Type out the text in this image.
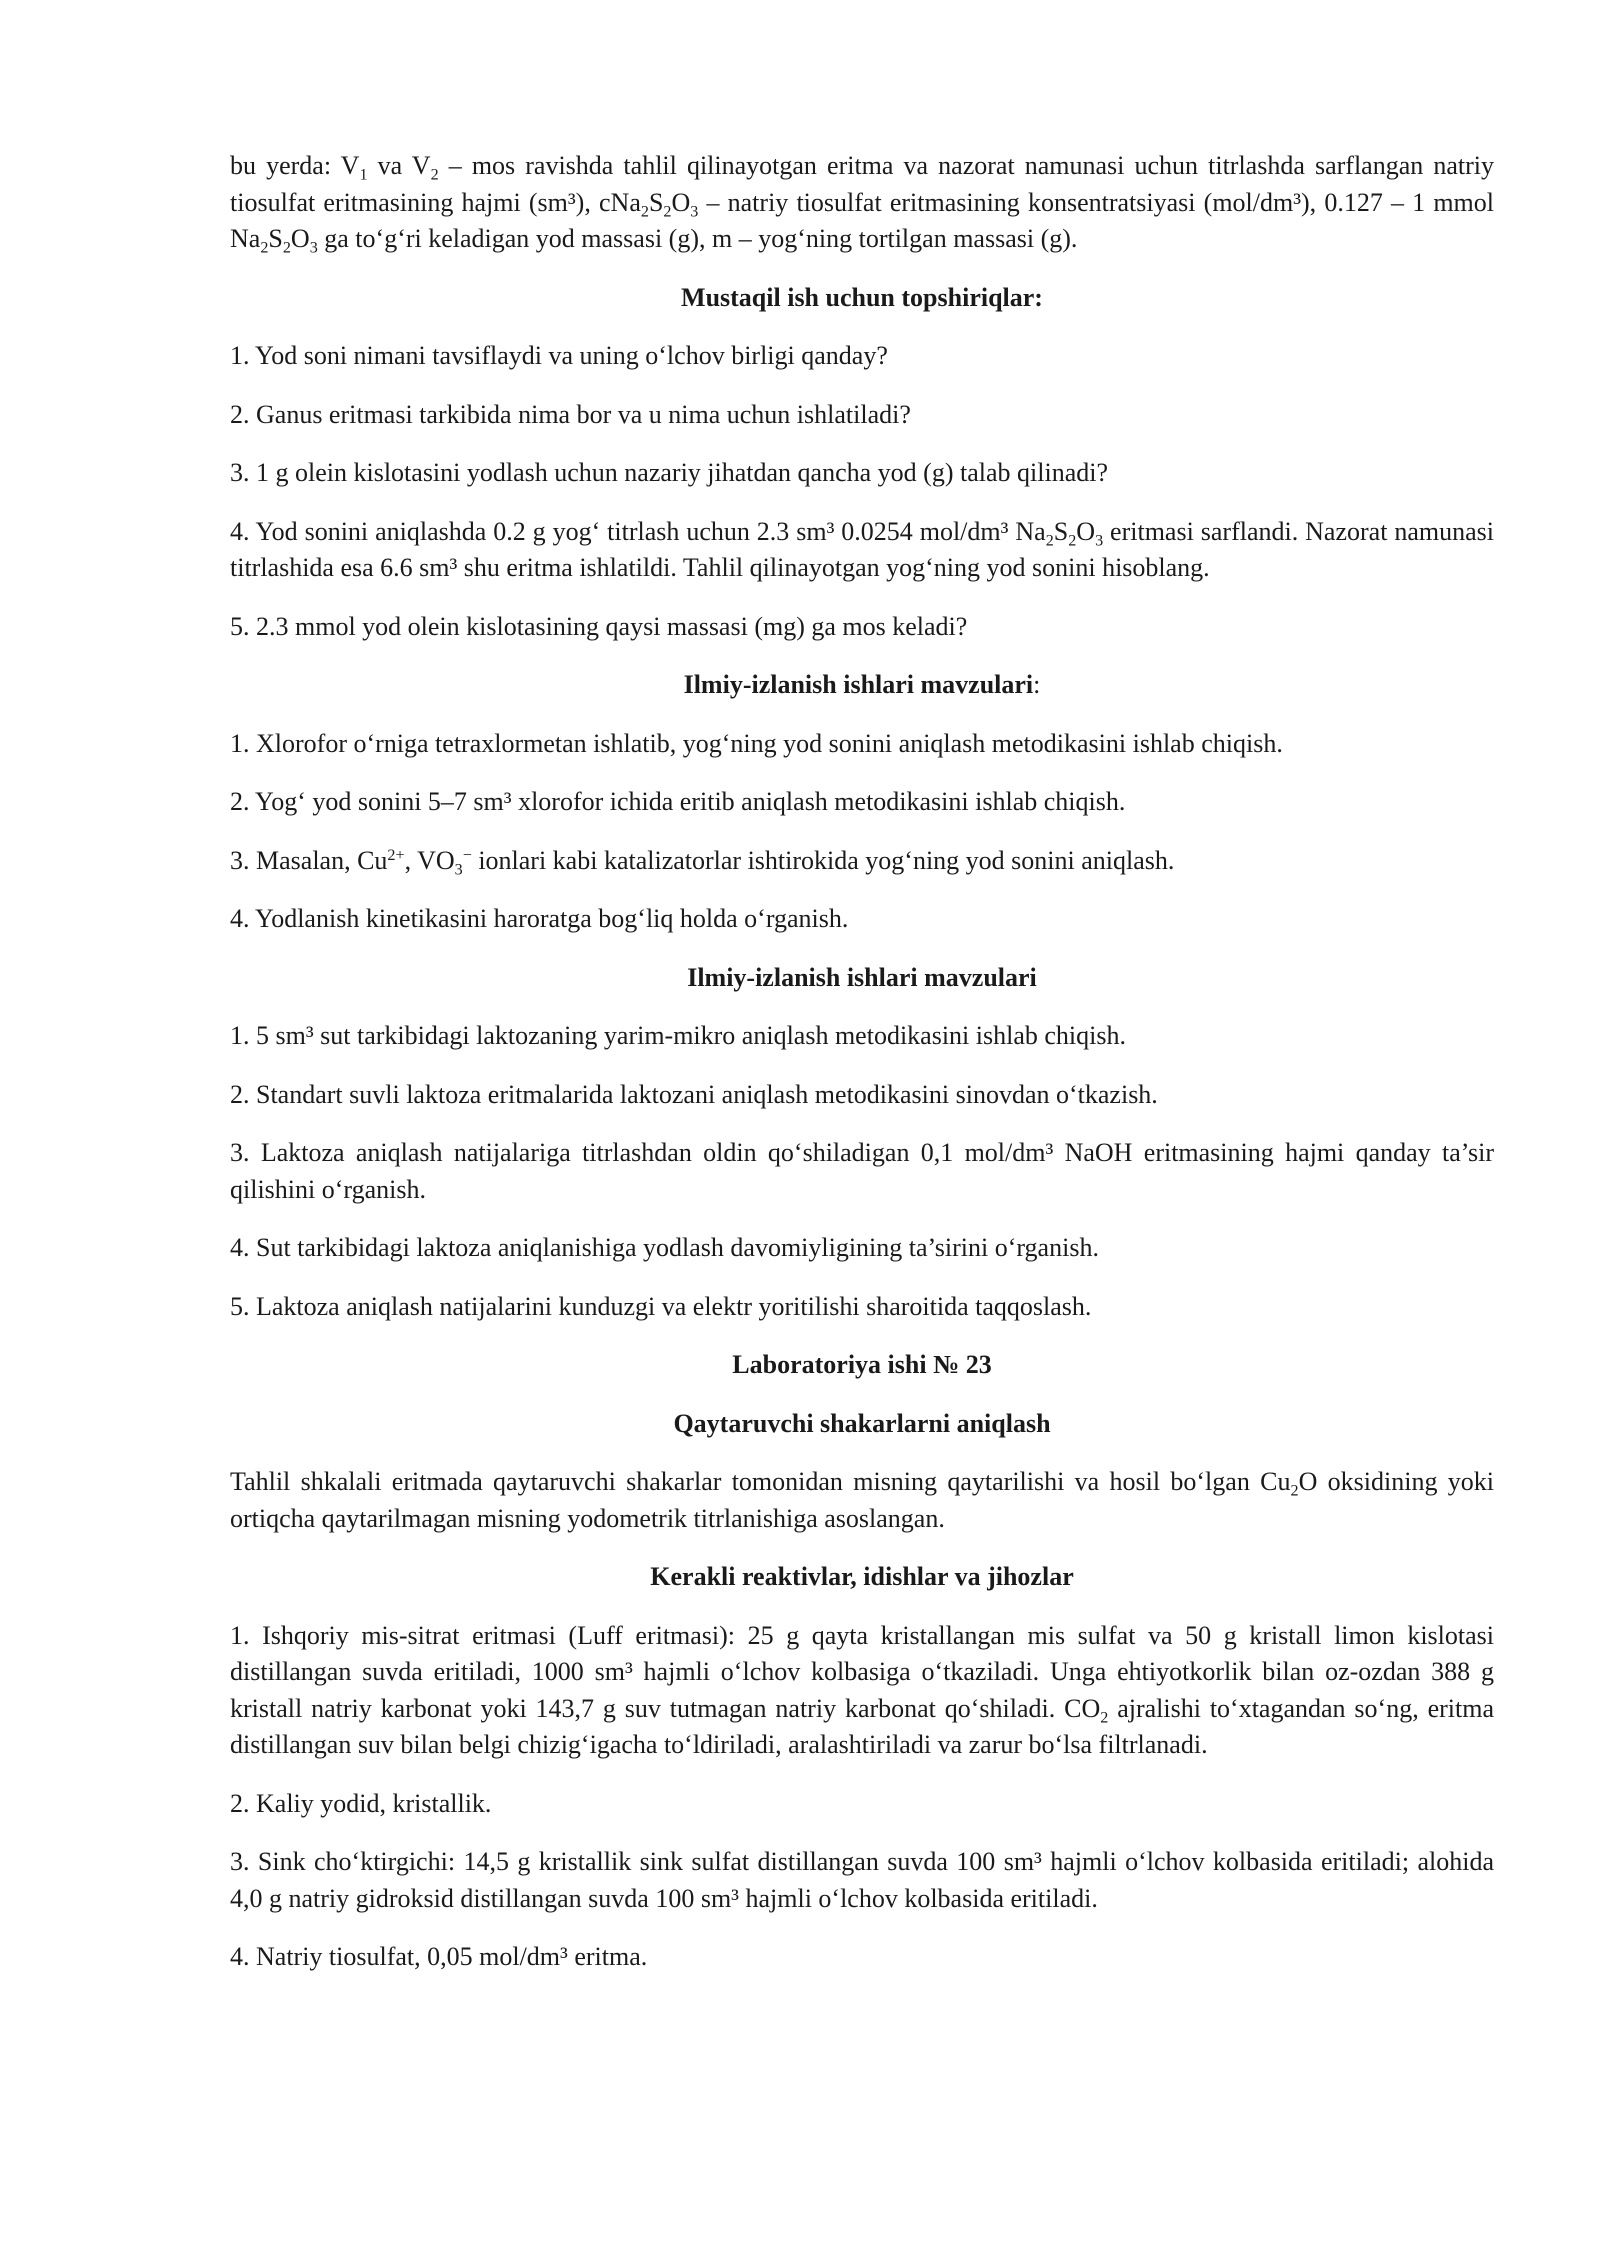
bu yerda: $V_1$ va $V_2$ – mos ravishda tahlil qilinayotgan eritma va nazorat namunasi uchun titrlashda sarflangan natriy tiosulfat eritmasining hajmi (sm³), $cNa_2S_2O_3$ – natriy tiosulfat eritmasining konsentratsiyasi (mol/dm³), 0.127 – 1 mmol $Na_2S_2O_3$ ga to‘g‘ri keladigan yod massasi (g), m – yog‘ning tortilgan massasi (g).

Mustaqil ish uchun topshiriqlar:

1. Yod soni nimani tavsiflaydi va uning o‘lchov birligi qanday?

2. Ganus eritmasi tarkibida nima bor va u nima uchun ishlatiladi?

3. 1 g olein kislotasini yodlash uchun nazariy jihatdan qancha yod (g) talab qilinadi?

4. Yod sonini aniqlashda 0.2 g yog‘ titrlash uchun 2.3 sm³ 0.0254 mol/dm³ $Na_2S_2O_3$ eritmasi sarflandi. Nazorat namunasi titrlashida esa 6.6 sm³ shu eritma ishlatildi. Tahlil qilinayotgan yog‘ning yod sonini hisoblang.

5. 2.3 mmol yod olein kislotasining qaysi massasi (mg) ga mos keladi?

Ilmiy-izlanish ishlari mavzulari:

1. Xlorofor o‘rniga tetraxlormetan ishlatib, yog‘ning yod sonini aniqlash metodikasini ishlab chiqish.

2. Yog‘ yod sonini 5–7 sm³ xlorofor ichida eritib aniqlash metodikasini ishlab chiqish.

3. Masalan, $Cu^{2+}$, $VO_3^-$ ionlari kabi katalizatorlar ishtirokida yog‘ning yod sonini aniqlash.

4. Yodlanish kinetikasini haroratga bog‘liq holda o‘rganish.

Ilmiy-izlanish ishlari mavzulari

1. 5 sm³ sut tarkibidagi laktozaning yarim-mikro aniqlash metodikasini ishlab chiqish.

2. Standart suvli laktoza eritmalarida laktozani aniqlash metodikasini sinovdan o‘tkazish.

3. Laktoza aniqlash natijalariga titrlashdan oldin qo‘shiladigan 0,1 mol/dm³ NaOH eritmasining hajmi qanday ta’sir qilishini o‘rganish.

4. Sut tarkibidagi laktoza aniqlanishiga yodlash davomiyligining ta’sirini o‘rganish.

5. Laktoza aniqlash natijalarini kunduzgi va elektr yoritilishi sharoitida taqqoslash.

Laboratoriya ishi № 23

Qaytaruvchi shakarlarni aniqlash

Tahlil shkalali eritmada qaytaruvchi shakarlar tomonidan misning qaytarilishi va hosil bo‘lgan $Cu_2O$ oksidining yoki ortiqcha qaytarilmagan misning yodometrik titrlanishiga asoslangan.

Kerakli reaktivlar, idishlar va jihozlar

1. Ishqoriy mis-sitrat eritmasi (Luff eritmasi): 25 g qayta kristallangan mis sulfat va 50 g kristall limon kislotasi distillangan suvda eritiladi, 1000 sm³ hajmli o‘lchov kolbasiga o‘tkaziladi. Unga ehtiyotkorlik bilan oz-ozdan 388 g kristall natriy karbonat yoki 143,7 g suv tutmagan natriy karbonat qo‘shiladi. $CO_2$ ajralishi to‘xtagandan so‘ng, eritma distillangan suv bilan belgi chizig‘igacha to‘ldiriladi, aralashtiriladi va zarur bo‘lsa filtrlanadi.

2. Kaliy yodid, kristallik.

3. Sink cho‘ktirgichi: 14,5 g kristallik sink sulfat distillangan suvda 100 sm³ hajmli o‘lchov kolbasida eritiladi; alohida 4,0 g natriy gidroksid distillangan suvda 100 sm³ hajmli o‘lchov kolbasida eritiladi.

4. Natriy tiosulfat, 0,05 mol/dm³ eritma.
